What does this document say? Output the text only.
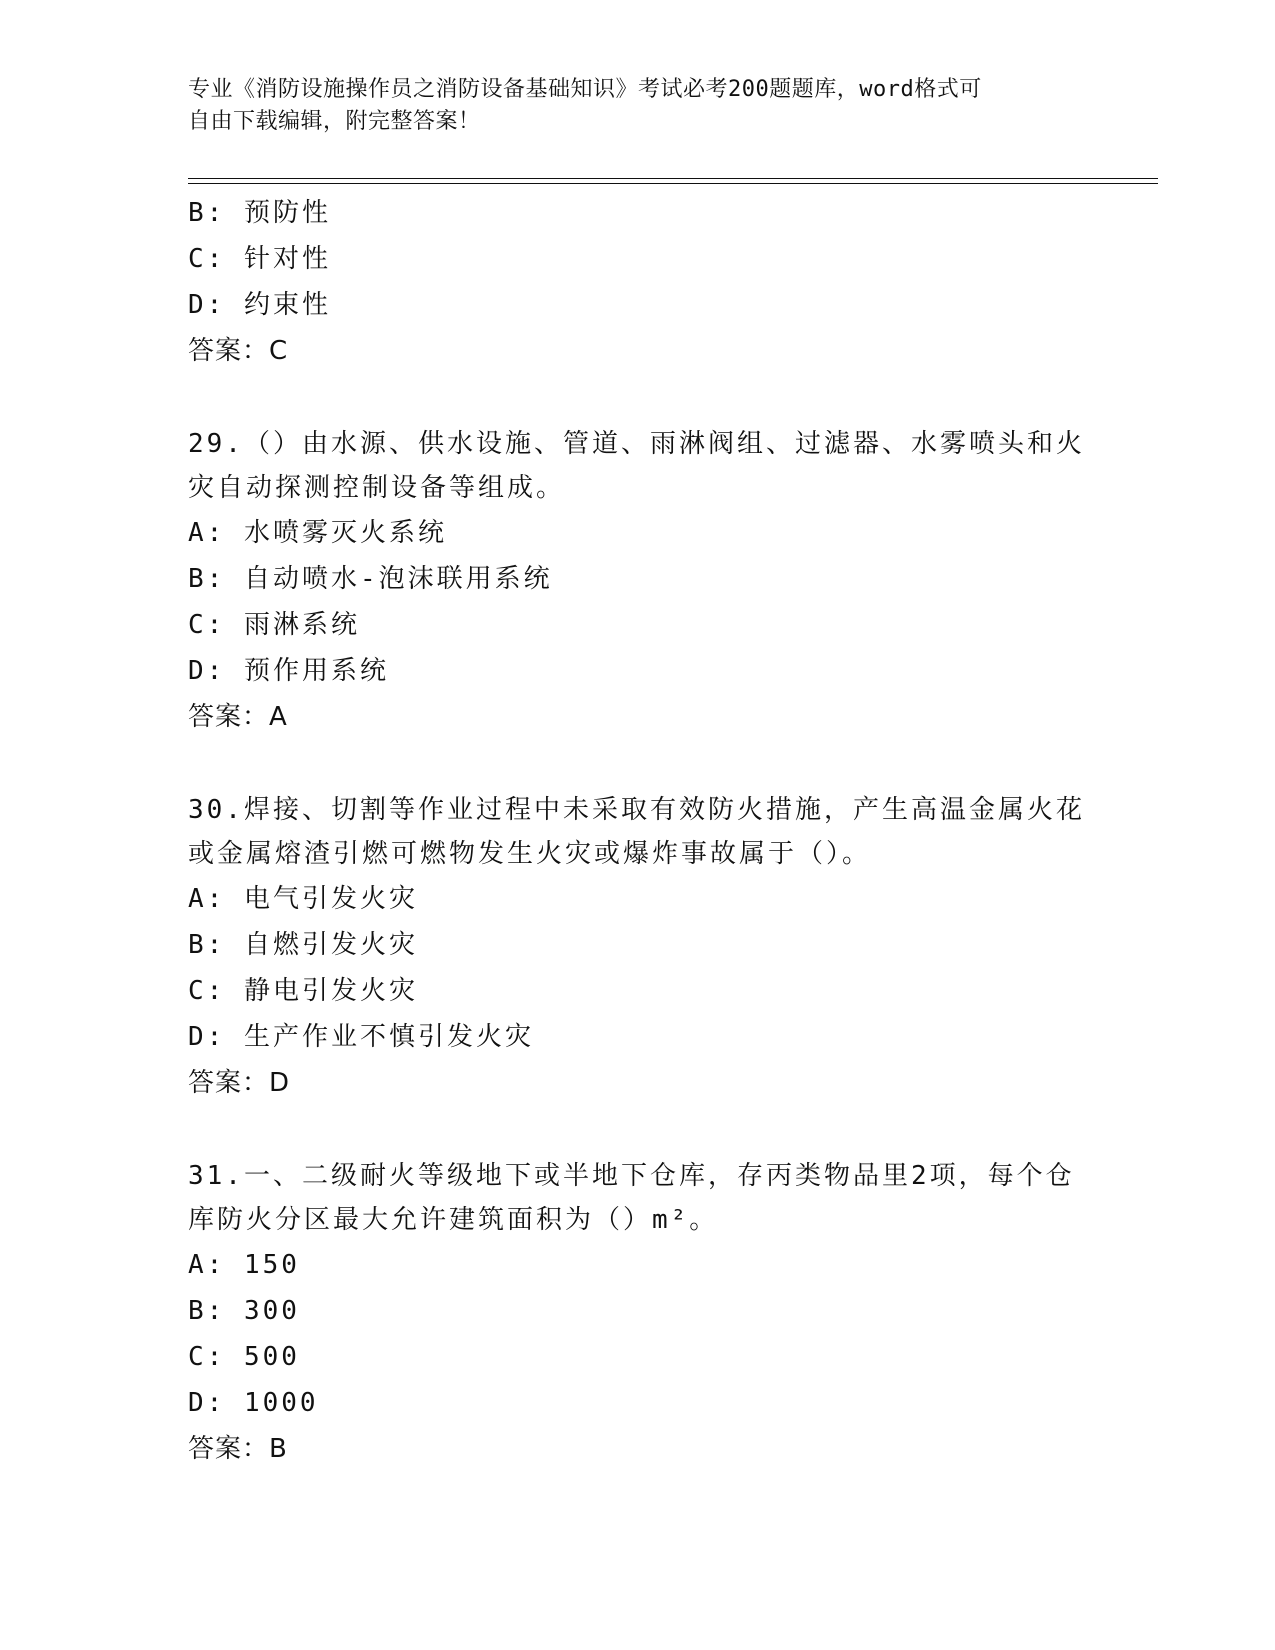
专业《消防设施操作员之消防设备基础知识》考试必考200题题库，word格式可
自由下载编辑，附完整答案！
B: 预防性
C: 针对性
D: 约束性
答案：C
29.（）由水源、供水设施、管道、雨淋阀组、过滤器、水雾喷头和火
灾自动探测控制设备等组成。
A: 水喷雾灭火系统
B: 自动喷水-泡沫联用系统
C: 雨淋系统
D: 预作用系统
答案：A
30.焊接、切割等作业过程中未采取有效防火措施，产生高温金属火花
或金属熔渣引燃可燃物发生火灾或爆炸事故属于（）。
A: 电气引发火灾
B: 自燃引发火灾
C: 静电引发火灾
D: 生产作业不慎引发火灾
答案：D
31.一、二级耐火等级地下或半地下仓库，存丙类物品里2项，每个仓
库防火分区最大允许建筑面积为（）m²。
A: 150
B: 300
C: 500
D: 1000
答案：B
